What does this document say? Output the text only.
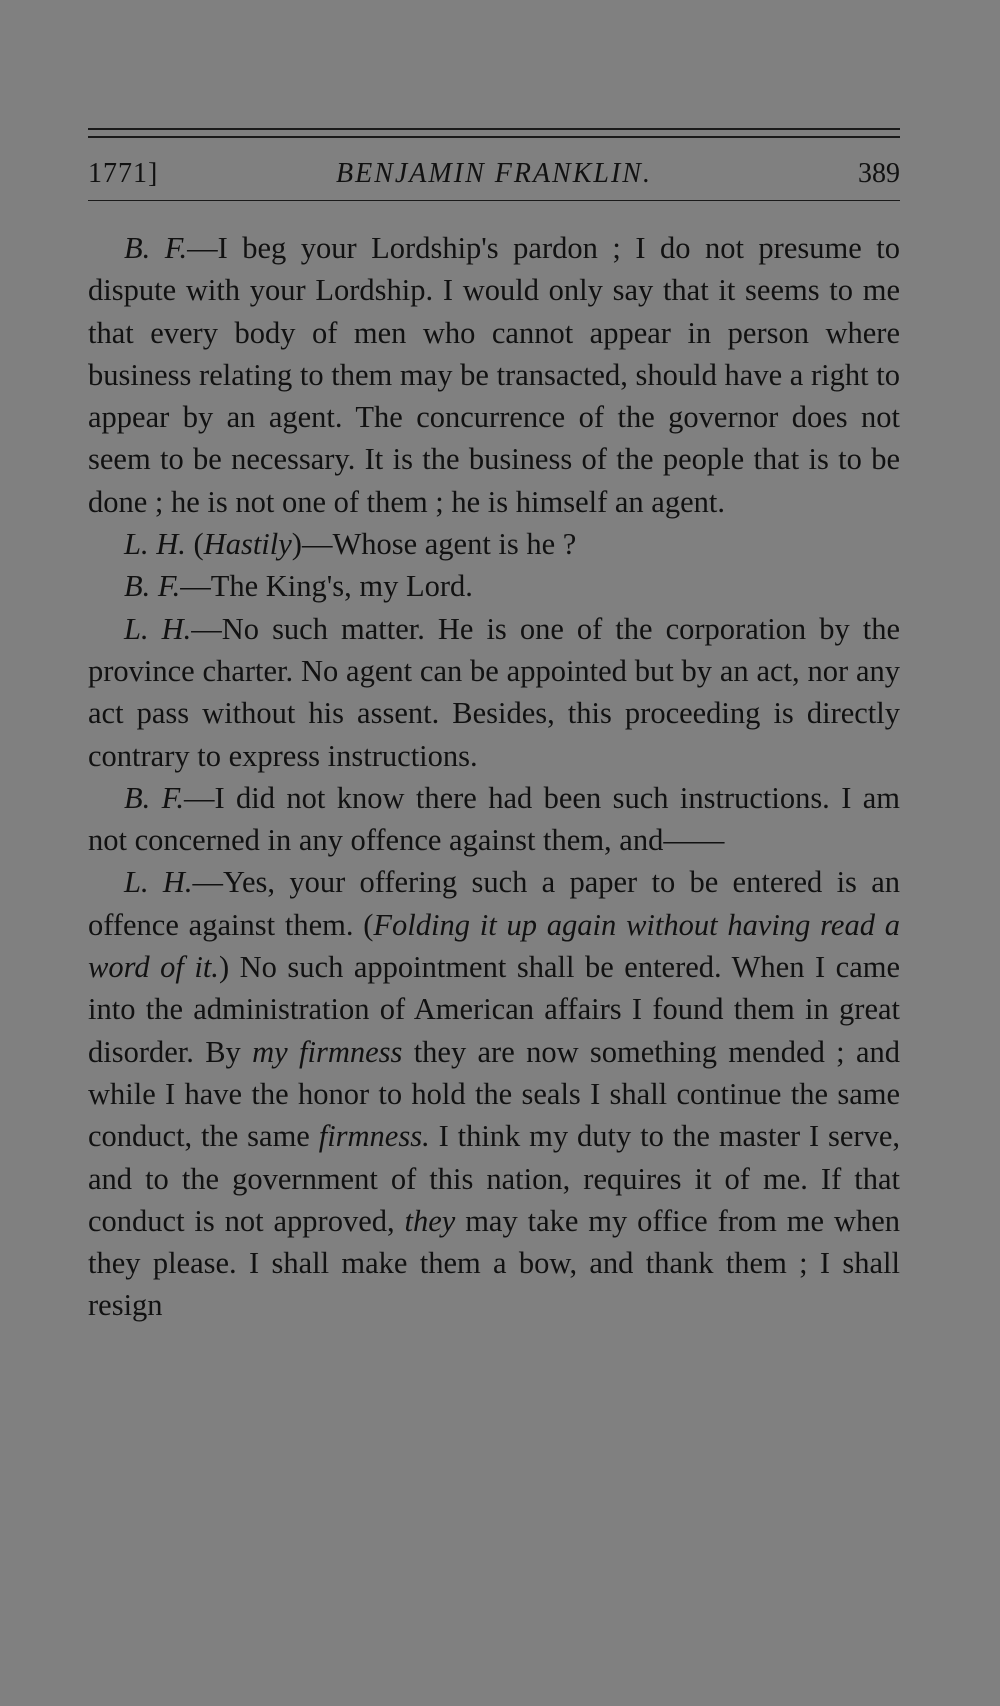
1771]	BENJAMIN FRANKLIN.	389

B. F.—I beg your Lordship's pardon ; I do not presume to dispute with your Lordship. I would only say that it seems to me that every body of men who cannot appear in person where business relating to them may be transacted, should have a right to appear by an agent. The concurrence of the governor does not seem to be necessary. It is the business of the people that is to be done ; he is not one of them ; he is himself an agent.

L. H. (Hastily)—Whose agent is he ?

B. F.—The King's, my Lord.

L. H.—No such matter. He is one of the corporation by the province charter. No agent can be appointed but by an act, nor any act pass without his assent. Besides, this proceeding is directly contrary to express instructions.

B. F.—I did not know there had been such instructions. I am not concerned in any offence against them, and——

L. H.—Yes, your offering such a paper to be entered is an offence against them. (Folding it up again without having read a word of it.) No such appointment shall be entered. When I came into the administration of American affairs I found them in great disorder. By my firmness they are now something mended ; and while I have the honor to hold the seals I shall continue the same conduct, the same firmness. I think my duty to the master I serve, and to the government of this nation, requires it of me. If that conduct is not approved, they may take my office from me when they please. I shall make them a bow, and thank them ; I shall resign
